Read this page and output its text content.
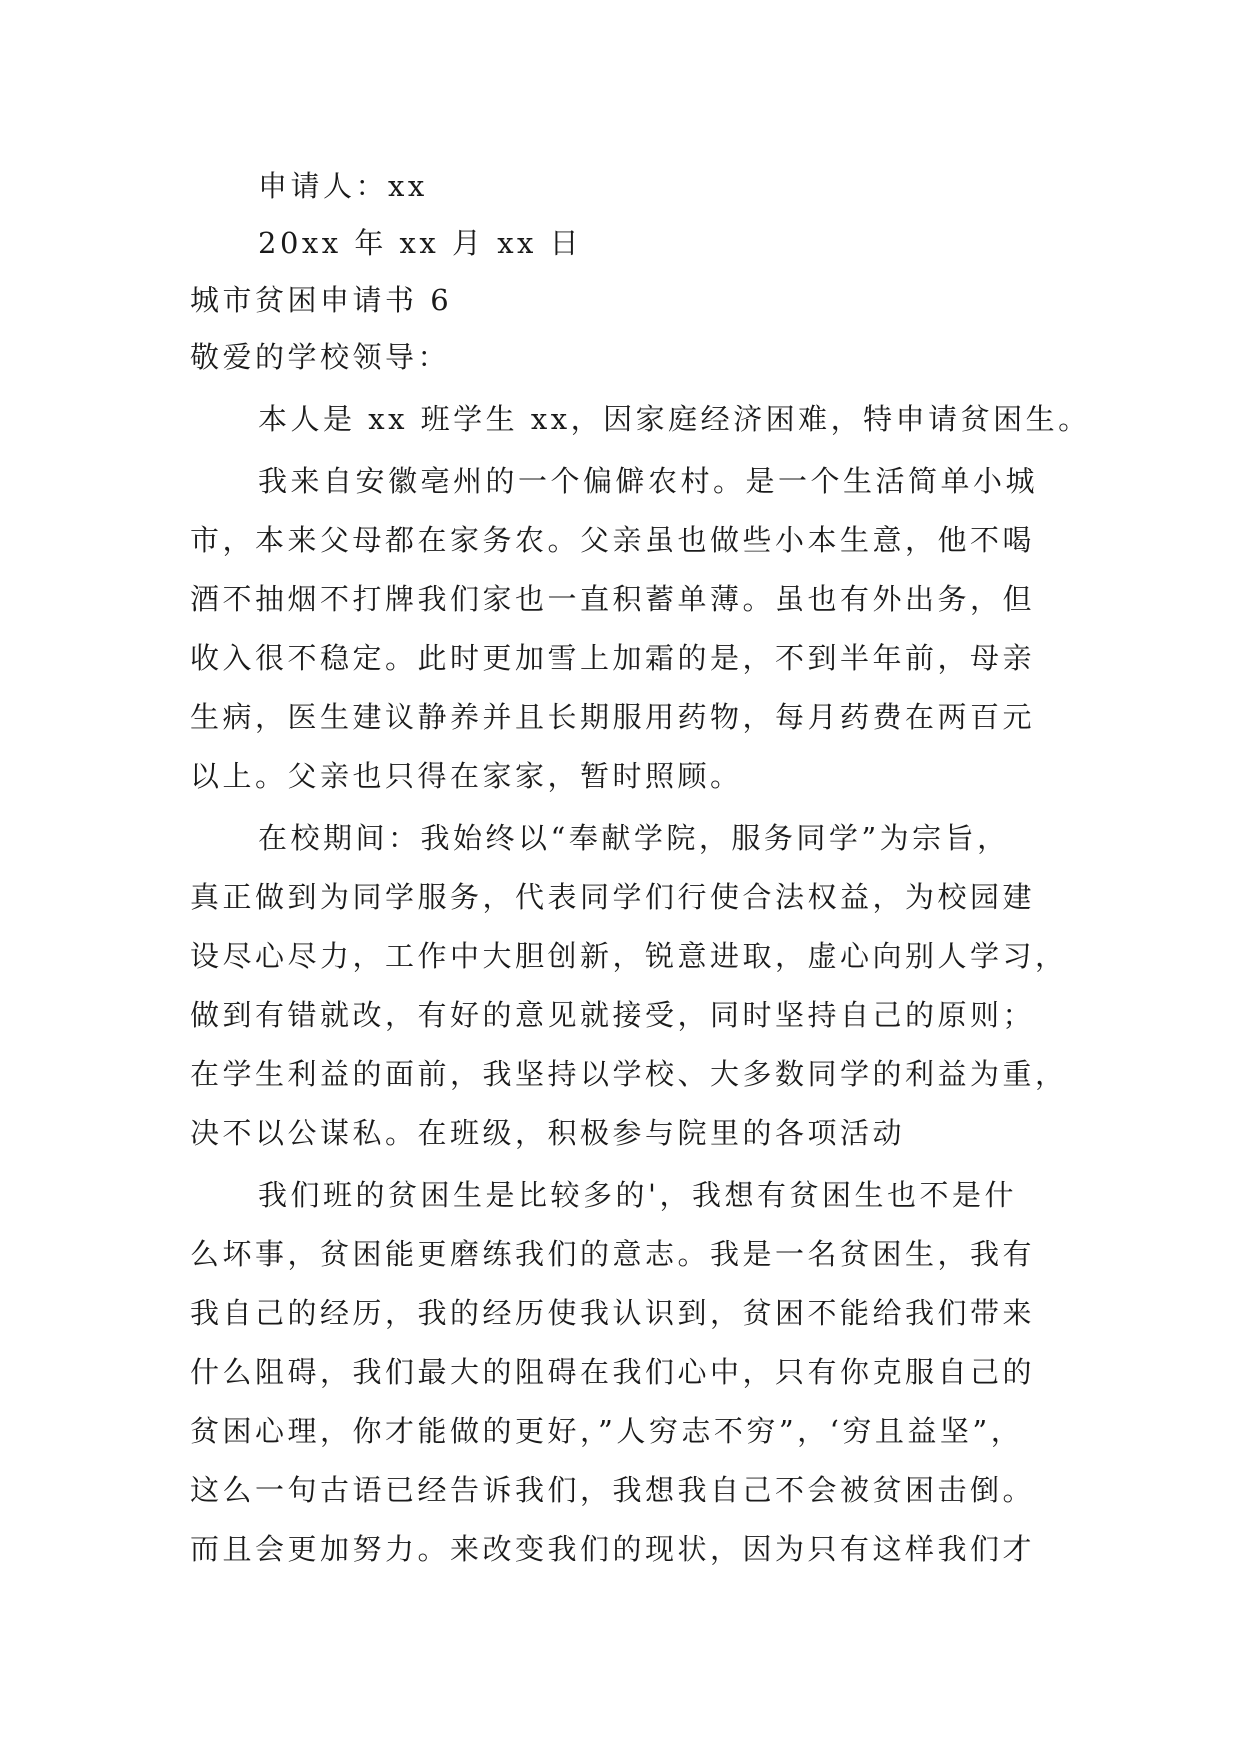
申请人：xx
20xx 年 xx 月 xx 日
城市贫困申请书 6
敬爱的学校领导：
本人是 xx 班学生 xx，因家庭经济困难，特申请贫困生。
我来自安徽亳州的一个偏僻农村。是一个生活简单小城
市，本来父母都在家务农。父亲虽也做些小本生意，他不喝
酒不抽烟不打牌我们家也一直积蓄单薄。虽也有外出务，但
收入很不稳定。此时更加雪上加霜的是，不到半年前，母亲
生病，医生建议静养并且长期服用药物，每月药费在两百元
以上。父亲也只得在家家，暂时照顾。
在校期间：我始终以“奉献学院，服务同学”为宗旨，
真正做到为同学服务，代表同学们行使合法权益，为校园建
设尽心尽力，工作中大胆创新，锐意进取，虚心向别人学习，
做到有错就改，有好的意见就接受，同时坚持自己的原则；
在学生利益的面前，我坚持以学校、大多数同学的利益为重，
决不以公谋私。在班级，积极参与院里的各项活动
我们班的贫困生是比较多的'，我想有贫困生也不是什
么坏事，贫困能更磨练我们的意志。我是一名贫困生，我有
我自己的经历，我的经历使我认识到，贫困不能给我们带来
什么阻碍，我们最大的阻碍在我们心中，只有你克服自己的
贫困心理，你才能做的更好，”人穷志不穷”，‘穷且益坚”，
这么一句古语已经告诉我们，我想我自己不会被贫困击倒。
而且会更加努力。来改变我们的现状，因为只有这样我们才
